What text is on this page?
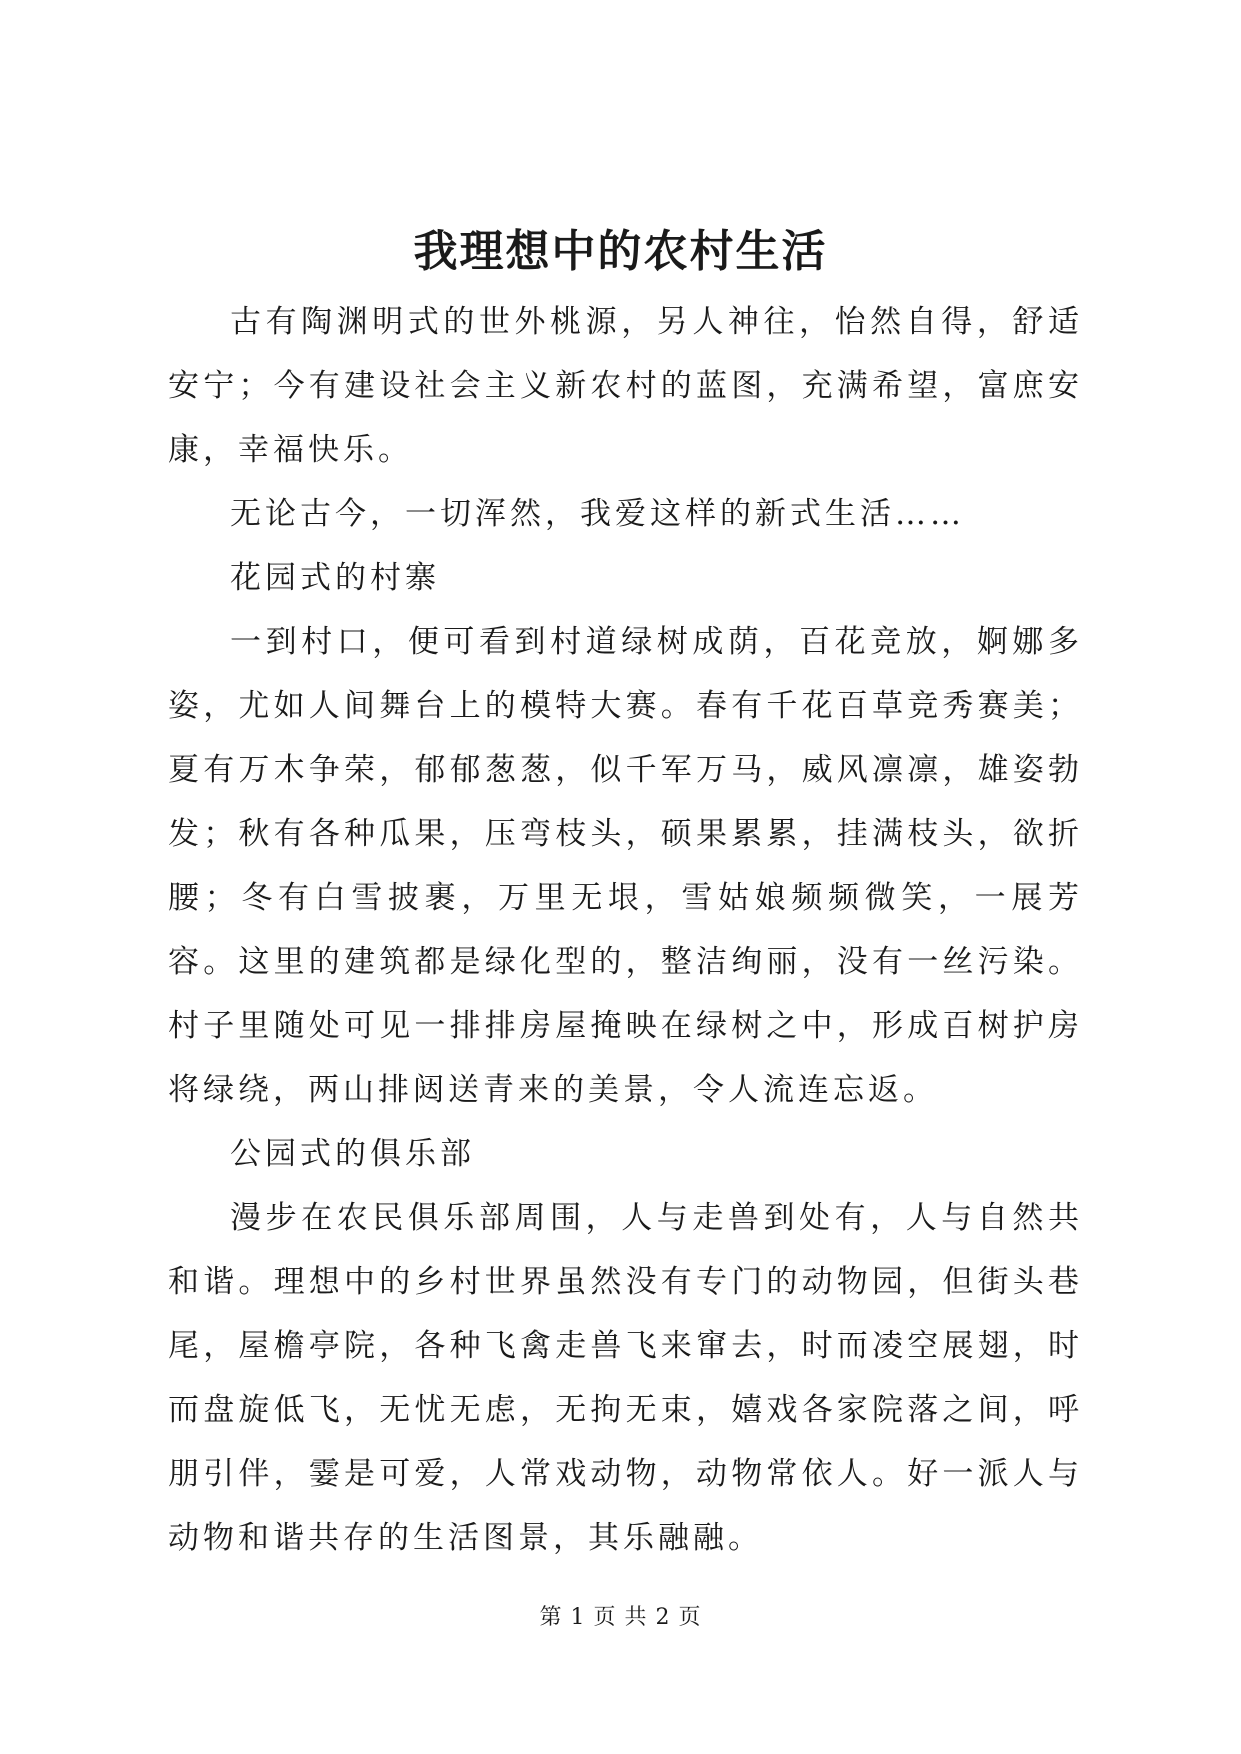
我理想中的农村生活

古有陶渊明式的世外桃源，另人神往，怡然自得，舒适安宁；今有建设社会主义新农村的蓝图，充满希望，富庶安康，幸福快乐。

无论古今，一切浑然，我爱这样的新式生活……

花园式的村寨

一到村口，便可看到村道绿树成荫，百花竞放，婀娜多姿，尤如人间舞台上的模特大赛。春有千花百草竞秀赛美；夏有万木争荣，郁郁葱葱，似千军万马，威风凛凛，雄姿勃发；秋有各种瓜果，压弯枝头，硕果累累，挂满枝头，欲折腰；冬有白雪披裹，万里无垠，雪姑娘频频微笑，一展芳容。这里的建筑都是绿化型的，整洁绚丽，没有一丝污染。村子里随处可见一排排房屋掩映在绿树之中，形成百树护房将绿绕，两山排闼送青来的美景，令人流连忘返。

公园式的俱乐部

漫步在农民俱乐部周围，人与走兽到处有，人与自然共和谐。理想中的乡村世界虽然没有专门的动物园，但街头巷尾，屋檐亭院，各种飞禽走兽飞来窜去，时而凌空展翅，时而盘旋低飞，无忧无虑，无拘无束，嬉戏各家院落之间，呼朋引伴，霎是可爱，人常戏动物，动物常依人。好一派人与动物和谐共存的生活图景，其乐融融。

第 1 页 共 2 页
